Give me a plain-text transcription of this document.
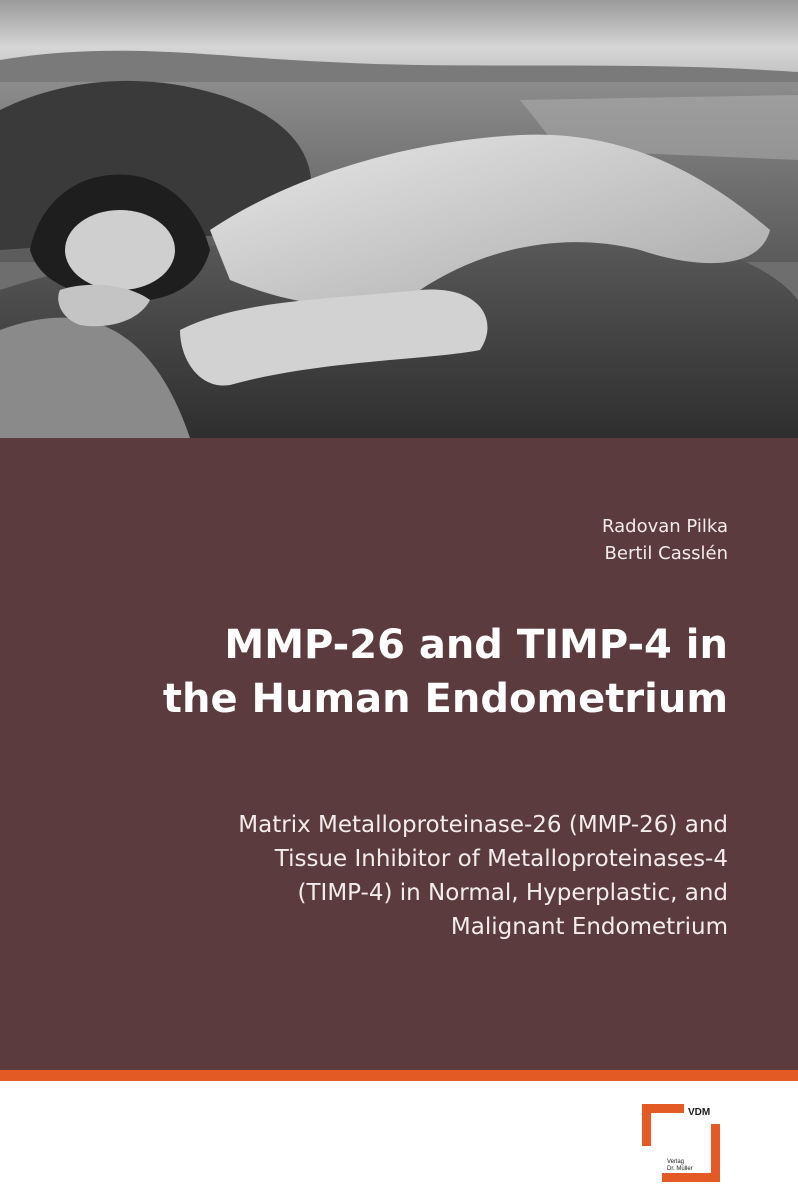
Radovan Pilka
Bertil Casslén
MMP-26 and TIMP-4 in
the Human Endometrium
Matrix Metalloproteinase-26 (MMP-26) and
Tissue Inhibitor of Metalloproteinases-4
(TIMP-4) in Normal, Hyperplastic, and
Malignant Endometrium
VDM
Verlag
Dr. Müller
